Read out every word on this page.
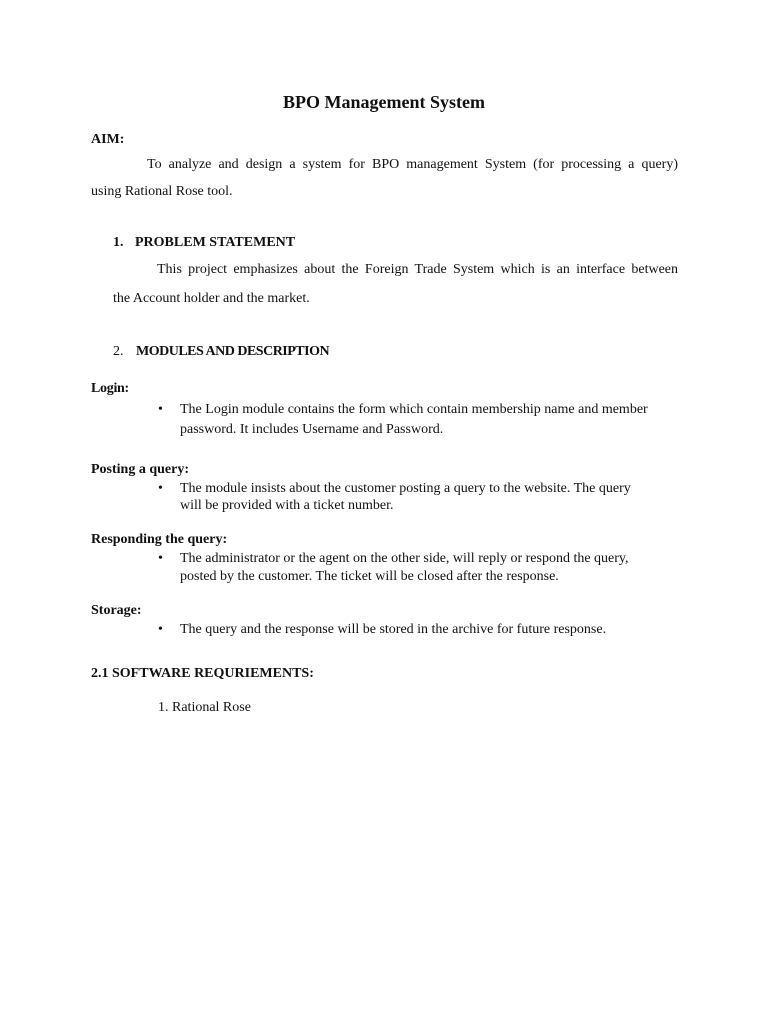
BPO Management System
AIM:
To analyze and design a system for BPO management System (for processing a query)
using Rational Rose tool.
1. PROBLEM STATEMENT
This project emphasizes about the Foreign Trade System which is an interface between
the Account holder and the market.
2. MODULES AND DESCRIPTION
Login:
• The Login module contains the form which contain membership name and member
password. It includes Username and Password.
Posting a query:
• The module insists about the customer posting a query to the website. The query
will be provided with a ticket number.
Responding the query:
• The administrator or the agent on the other side, will reply or respond the query,
posted by the customer. The ticket will be closed after the response.
Storage:
• The query and the response will be stored in the archive for future response.
2.1 SOFTWARE REQURIEMENTS:
1. Rational Rose
